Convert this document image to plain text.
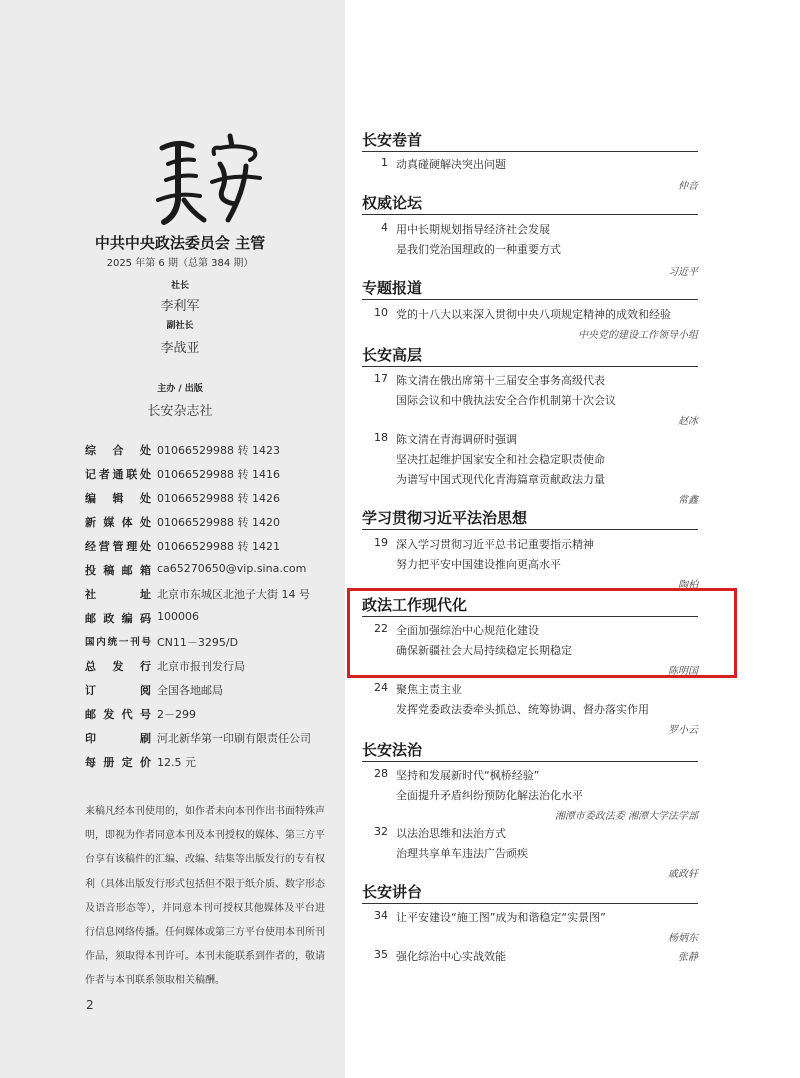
中共中央政法委员会 主管
2025 年第 6 期（总第 384 期）
社长
李利军
副社长
李战亚
主办 / 出版
长安杂志社
综 合 处 01066529988 转 1423
记者通联处 01066529988 转 1416
编 辑 处 01066529988 转 1426
新媒体处 01066529988 转 1420
经营管理处 01066529988 转 1421
投稿邮箱 ca65270650@vip.sina.com
社 址 北京市东城区北池子大街 14 号
邮政编码 100006
国内统一刊号 CN11－3295/D
总 发 行 北京市报刊发行局
订 阅 全国各地邮局
邮发代号 2－299
印 刷 河北新华第一印刷有限责任公司
每册定价 12.5 元
来稿凡经本刊使用的，如作者未向本刊作出书面特殊声明，即视为作者同意本刊及本刊授权的媒体、第三方平台享有该稿件的汇编、改编、结集等出版发行的专有权利（具体出版发行形式包括但不限于纸介质、数字形态及语音形态等），并同意本刊可授权其他媒体及平台进行信息网络传播。任何媒体或第三方平台使用本刊所刊作品，须取得本刊许可。本刊未能联系到作者的，敬请作者与本刊联系领取相关稿酬。
2
长安卷首
1 动真碰硬解决突出问题
仲音
权威论坛
4 用中长期规划指导经济社会发展
是我们党治国理政的一种重要方式
习近平
专题报道
10 党的十八大以来深入贯彻中央八项规定精神的成效和经验
中央党的建设工作领导小组
长安高层
17 陈文清在俄出席第十三届安全事务高级代表
国际会议和中俄执法安全合作机制第十次会议
赵冰
18 陈文清在青海调研时强调
坚决扛起维护国家安全和社会稳定职责使命
为谱写中国式现代化青海篇章贡献政法力量
常鑫
学习贯彻习近平法治思想
19 深入学习贯彻习近平总书记重要指示精神
努力把平安中国建设推向更高水平
陶柏
政法工作现代化
22 全面加强综治中心规范化建设
确保新疆社会大局持续稳定长期稳定
陈明国
24 聚焦主责主业
发挥党委政法委牵头抓总、统筹协调、督办落实作用
罗小云
长安法治
28 坚持和发展新时代“枫桥经验”
全面提升矛盾纠纷预防化解法治化水平
湘潭市委政法委 湘潭大学法学部
32 以法治思维和法治方式
治理共享单车违法广告顽疾
戚政轩
长安讲台
34 让平安建设“施工图”成为和谐稳定“实景图”
杨炳东
35 强化综治中心实战效能	张静
